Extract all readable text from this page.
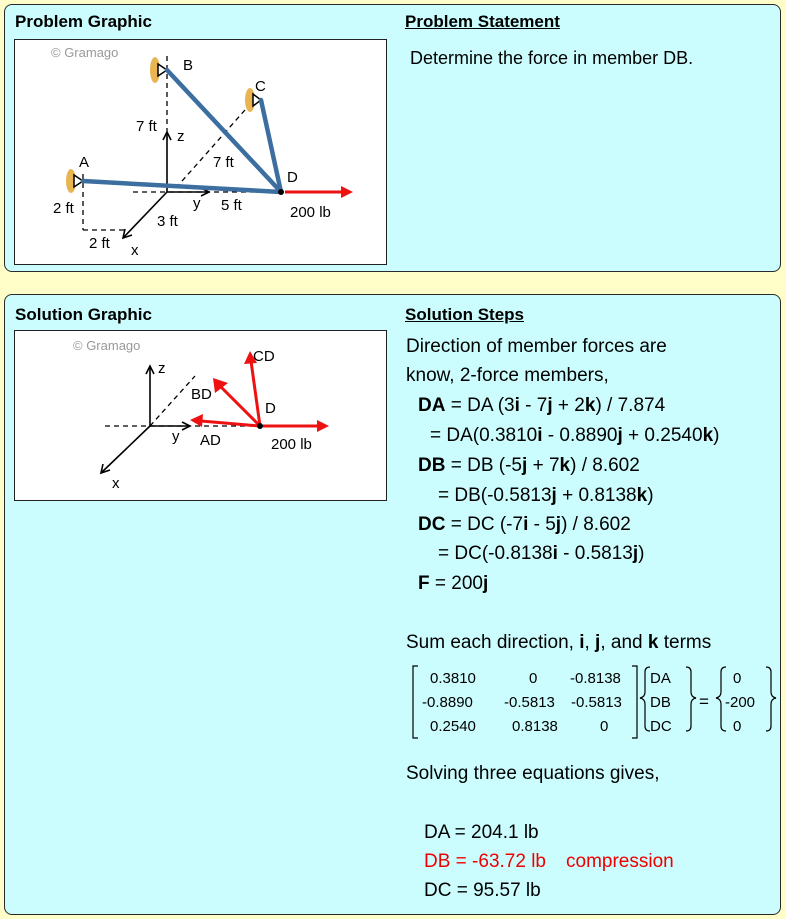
Problem Graphic	Problem Statement
Determine the force in member DB.
© Gramago
B
C
A
D
z
y
x
7 ft
7 ft
2 ft
2 ft
3 ft
5 ft	200 lb
Solution Graphic	Solution Steps
© Gramago
CD
BD
AD
D
z
y
x
200 lb
Direction of member forces are
know, 2-force members,
DA = DA (3i - 7j + 2k) / 7.874
= DA(0.3810i - 0.8890j + 0.2540k)
DB = DB (-5j + 7k) / 8.602
= DB(-0.5813j + 0.8138k)
DC = DC (-7i - 5j) / 8.602
= DC(-0.8138i - 0.5813j)
F = 200j
Sum each direction, i, j, and k terms
0.3810	0 -0.8138
-0.8890 -0.5813 -0.5813
0.2540 0.8138	0
DA
DB
DC
=
0
-200
0
Solving three equations gives,
DA = 204.1 lb
DB = -63.72 lb compression
DC = 95.57 lb
